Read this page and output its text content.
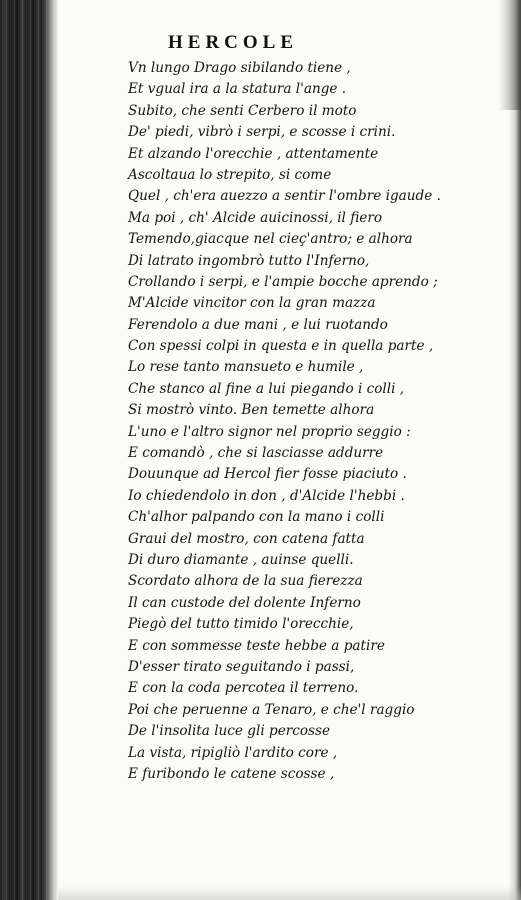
HERCOLE
Vn lungo Drago sibilando tiene ,
Et vgual ira a la statura l'ange .
Subito, che senti Cerbero il moto
De' piedi, vibrò i serpi, e scosse i crini.
Et alzando l'orecchie , attentamente
Ascoltaua lo strepito, si come
Quel , ch'era auezzo a sentir l'ombre igaude .
Ma poi , ch' Alcide auicinossi, il fiero
Temendo,giacque nel cieç'antro; e alhora
Di latrato ingombrò tutto l'Inferno,
Crollando i serpi, e l'ampie bocche aprendo ;
M'Alcide vincitor con la gran mazza
Ferendolo a due mani , e lui ruotando
Con spessi colpi in questa e in quella parte ,
Lo rese tanto mansueto e humile ,
Che stanco al fine a lui piegando i colli ,
Si mostrò vinto. Ben temette alhora
L'uno e l'altro signor nel proprio seggio :
E comandò , che si lasciasse addurre
Douunque ad Hercol fier fosse piaciuto .
Io chiedendolo in don , d'Alcide l'hebbi .
Ch'alhor palpando con la mano i colli
Graui del mostro, con catena fatta
Di duro diamante , auinse quelli.
Scordato alhora de la sua fierezza
Il can custode del dolente Inferno
Piegò del tutto timido l'orecchie,
E con sommesse teste hebbe a patire
D'esser tirato seguitando i passi,
E con la coda percotea il terreno.
Poi che peruenne a Tenaro, e che'l raggio
De l'insolita luce gli percosse
La vista, ripigliò l'ardito core ,
E furibondo le catene scosse ,
